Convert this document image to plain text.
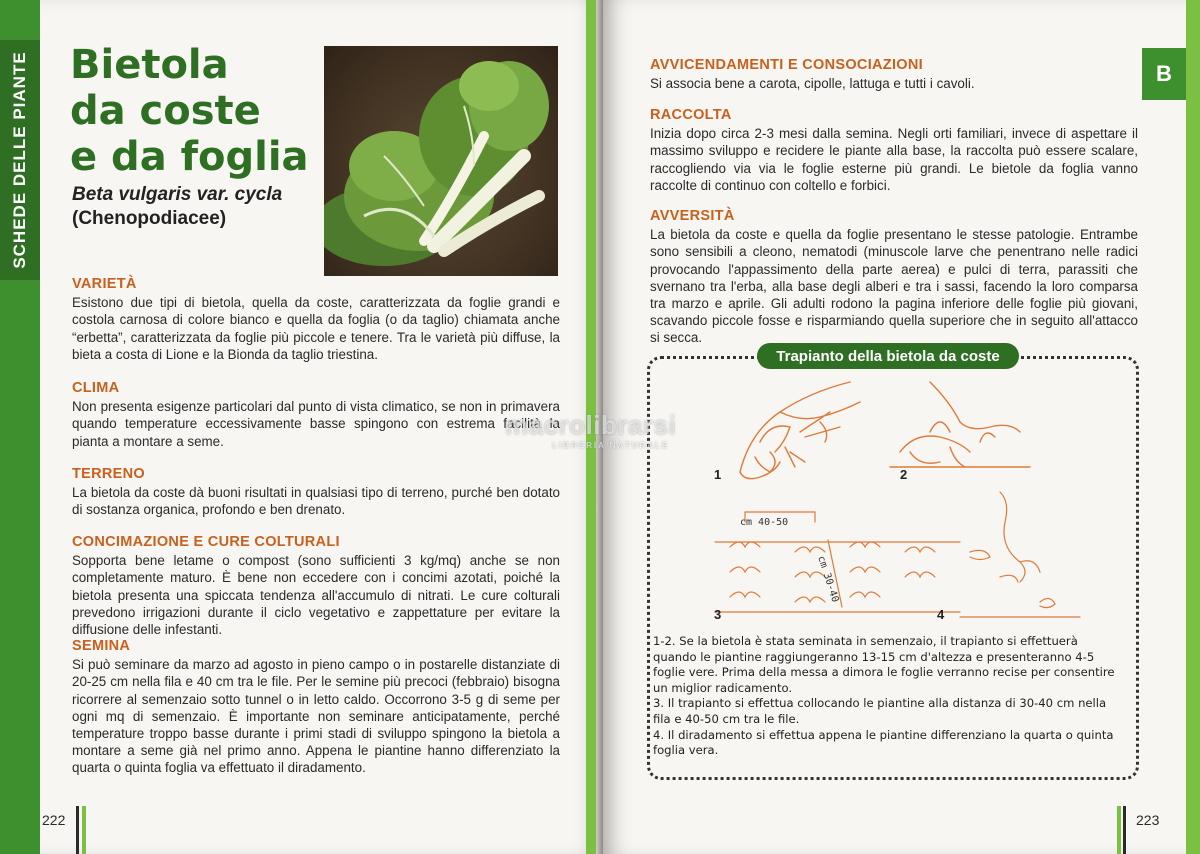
SCHEDE DELLE PIANTE Bietola
da coste
e da foglia
Beta vulgaris var. cycla
(Chenopodiacee)
VARIETÀ

Esistono due tipi di bietola, quella da coste, caratterizzata da foglie grandi e costola carnosa di colore bianco e quella da foglia (o da taglio) chiamata anche “erbetta”, caratterizzata da foglie più piccole e tenere. Tra le varietà più diffuse, la bieta a costa di Lione e la Bionda da taglio triestina.

CLIMA

Non presenta esigenze particolari dal punto di vista climatico, se non in primavera quando temperature eccessivamente basse spingono con estrema facilità la pianta a montare a seme.

TERRENO

La bietola da coste dà buoni risultati in qualsiasi tipo di terreno, purché ben dotato di sostanza organica, profondo e ben drenato.

CONCIMAZIONE E CURE COLTURALI

Sopporta bene letame o compost (sono sufficienti 3 kg/mq) anche se non completamente maturo. È bene non eccedere con i concimi azotati, poiché la bietola presenta una spiccata tendenza all'accumulo di nitrati. Le cure colturali prevedono irrigazioni durante il ciclo vegetativo e zappettature per evitare la diffusione delle infestanti.

SEMINA

Si può seminare da marzo ad agosto in pieno campo o in postarelle distanziate di 20-25 cm nella fila e 40 cm tra le file. Per le semine più precoci (febbraio) bisogna ricorrere al semenzaio sotto tunnel o in letto caldo. Occorrono 3-5 g di seme per ogni mq di semenzaio. È importante non seminare anticipatamente, perché temperature troppo basse durante i primi stadi di sviluppo spingono la bietola a montare a seme già nel primo anno. Appena le piantine hanno differenziato la quarta o quinta foglia va effettuato il diradamento.

222
B
223
AVVICENDAMENTI E CONSOCIAZIONI

Si associa bene a carota, cipolle, lattuga e tutti i cavoli.

RACCOLTA

Inizia dopo circa 2-3 mesi dalla semina. Negli orti familiari, invece di aspettare il massimo sviluppo e recidere le piante alla base, la raccolta può essere scalare, raccogliendo via via le foglie esterne più grandi. Le bietole da foglia vanno raccolte di continuo con coltello e forbici.

AVVERSITÀ

La bietola da coste e quella da foglie presentano le stesse patologie. Entrambe sono sensibili a cleono, nematodi (minuscole larve che penentrano nelle radici provocando l'appassimento della parte aerea) e pulci di terra, parassiti che svernano tra l'erba, alla base degli alberi e tra i sassi, facendo la loro comparsa tra marzo e aprile. Gli adulti rodono la pagina inferiore delle foglie più giovani, scavando piccole fosse e risparmiando quella superiore che in seguito all'attacco si secca.

Trapianto della bietola da coste
cm 40-50
cm 30-40
1	2
3	4

1-2. Se la bietola è stata seminata in semenzaio, il trapianto si effettuerà quando le piantine raggiungeranno 13-15 cm d'altezza e presenteranno 4-5 foglie vere. Prima della messa a dimora le foglie verranno recise per consentire un miglior radicamento.

3. Il trapianto si effettua collocando le piantine alla distanza di 30-40 cm nella fila e 40-50 cm tra le file.

4. Il diradamento si effettua appena le piantine differenziano la quarta o quinta foglia vera.

macrolibrarsi
LIBRERIA NATURALE
